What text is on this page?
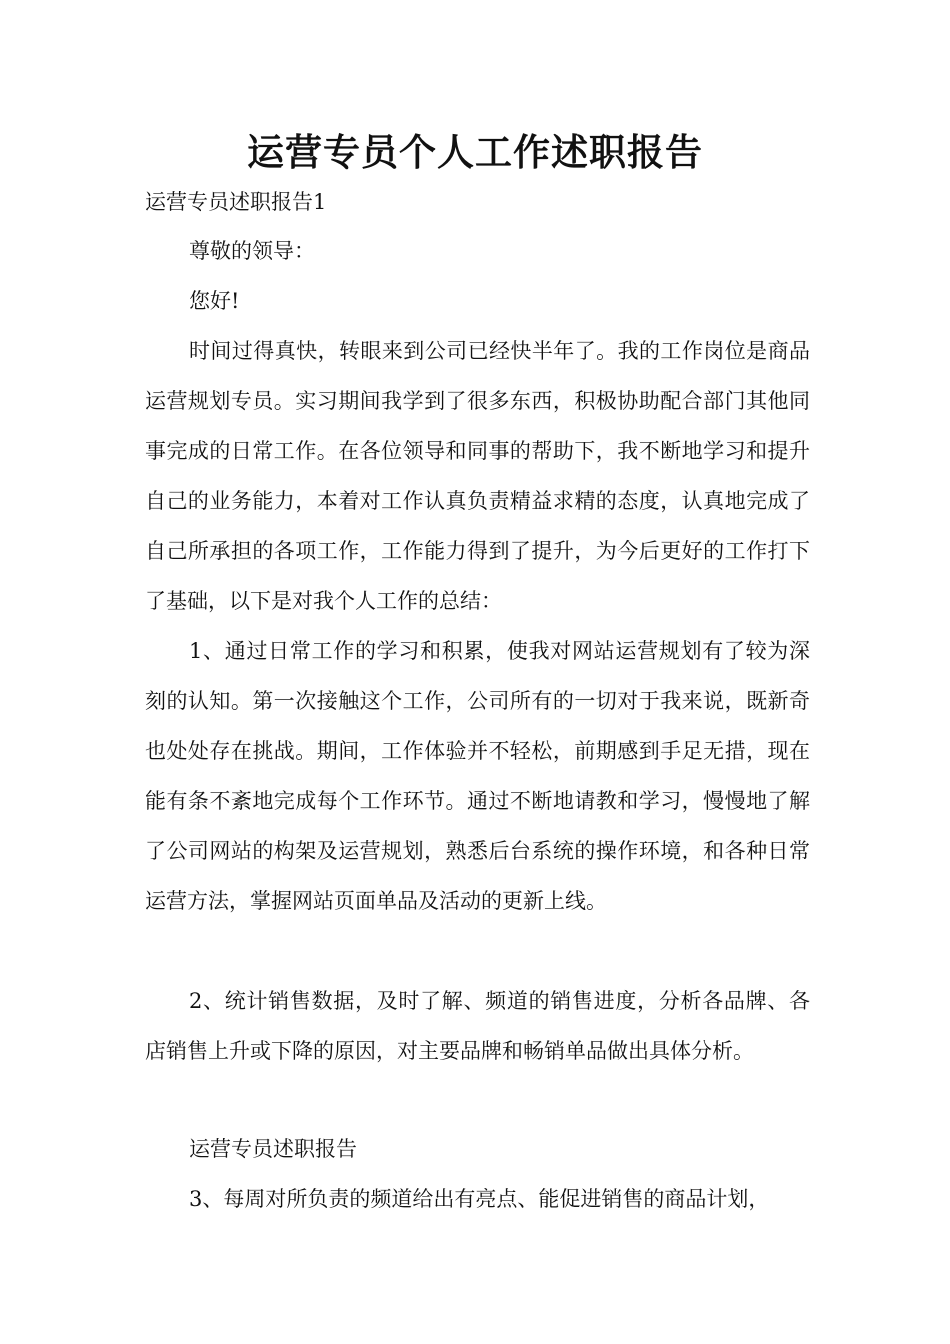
运营专员个人工作述职报告

运营专员述职报告1

尊敬的领导：

您好!

时间过得真快，转眼来到公司已经快半年了。我的工作岗位是商品运营规划专员。实习期间我学到了很多东西，积极协助配合部门其他同事完成的日常工作。在各位领导和同事的帮助下，我不断地学习和提升自己的业务能力，本着对工作认真负责精益求精的态度，认真地完成了自己所承担的各项工作，工作能力得到了提升，为今后更好的工作打下了基础，以下是对我个人工作的总结：

1、通过日常工作的学习和积累，使我对网站运营规划有了较为深刻的认知。第一次接触这个工作，公司所有的一切对于我来说，既新奇也处处存在挑战。期间，工作体验并不轻松，前期感到手足无措，现在能有条不紊地完成每个工作环节。通过不断地请教和学习，慢慢地了解了公司网站的构架及运营规划，熟悉后台系统的操作环境，和各种日常运营方法，掌握网站页面单品及活动的更新上线。

2、统计销售数据，及时了解、频道的销售进度，分析各品牌、各店销售上升或下降的原因，对主要品牌和畅销单品做出具体分析。

运营专员述职报告

3、每周对所负责的频道给出有亮点、能促进销售的商品计划，
